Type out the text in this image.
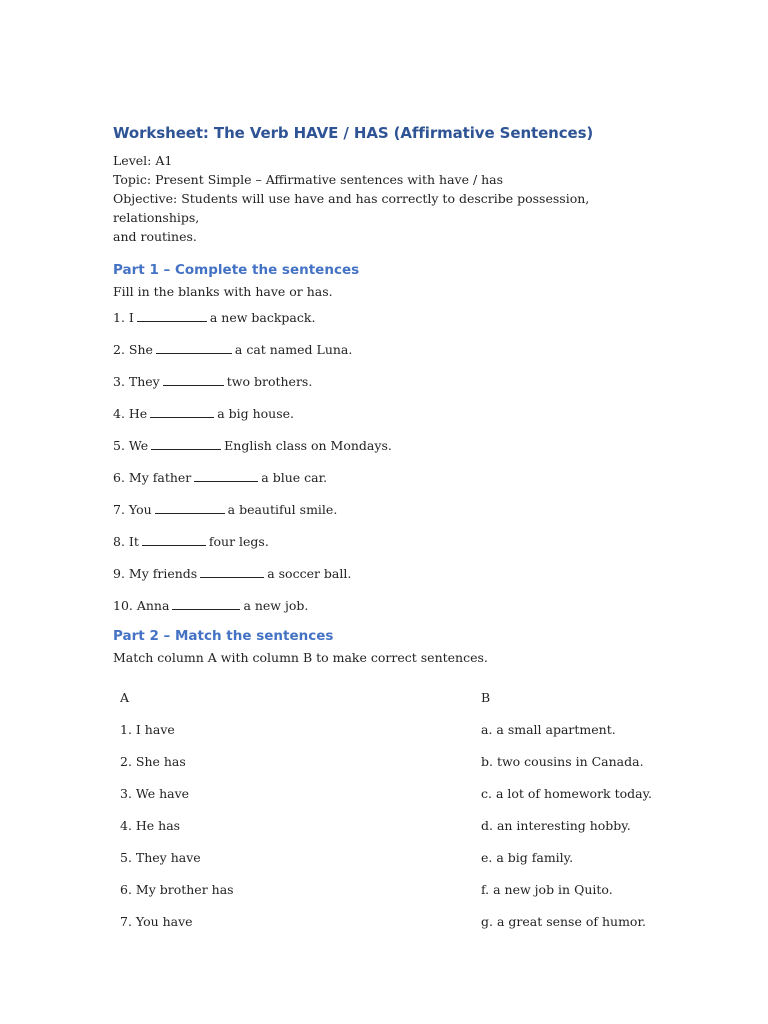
Worksheet: The Verb HAVE / HAS (Affirmative Sentences)

Level: A1

Topic: Present Simple – Affirmative sentences with have / has

Objective: Students will use have and has correctly to describe possession, relationships,

and routines.

Part 1 – Complete the sentences

Fill in the blanks with have or has.

1. I	a new backpack.
2. She	a cat named Luna.
3. They	two brothers.
4. He	a big house.
5. We	English class on Mondays.
6. My father	a blue car.
7. You	a beautiful smile.
8. It	four legs.
9. My friends	a soccer ball.
10. Anna	a new job.
Part 2 – Match the sentences

Match column A with column B to make correct sentences.

A	B
1. I have	a. a small apartment.
2. She has	b. two cousins in Canada.
3. We have	c. a lot of homework today.
4. He has	d. an interesting hobby.
5. They have	e. a big family.
6. My brother has	f. a new job in Quito.
7. You have	g. a great sense of humor.
